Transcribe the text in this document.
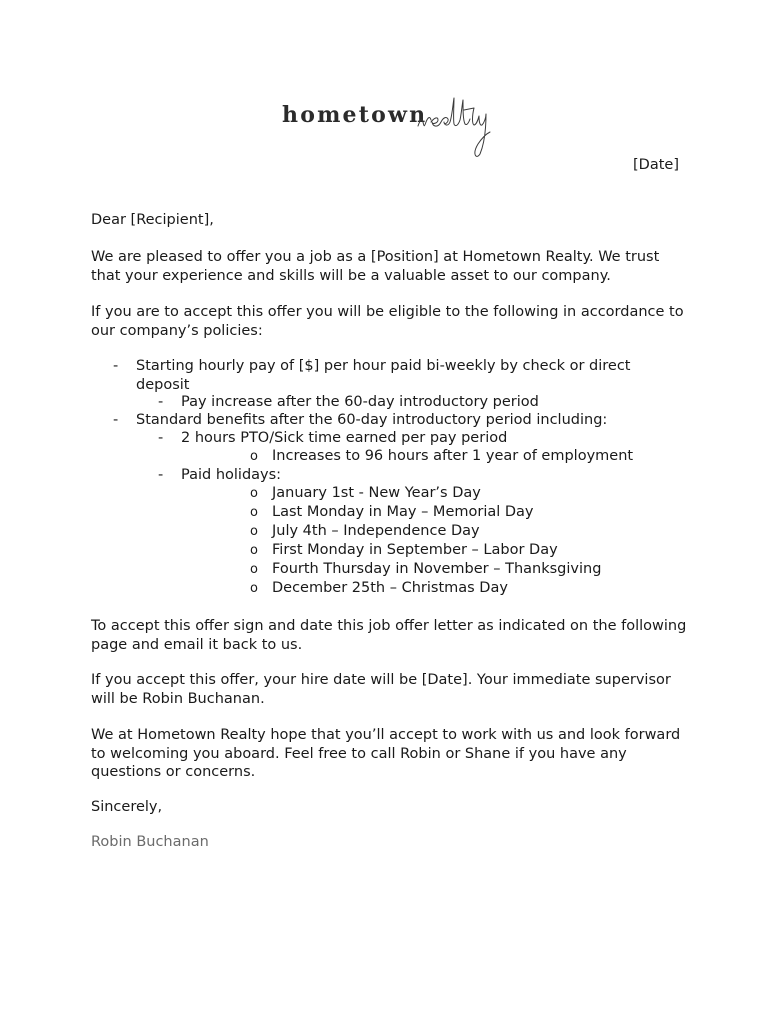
hometown
[Date]
Dear [Recipient],
We are pleased to offer you a job as a [Position] at Hometown Realty. We trust that your experience and skills will be a valuable asset to our company.
If you are to accept this offer you will be eligible to the following in accordance to our company’s policies:
- Starting hourly pay of [$] per hour paid bi-weekly by check or direct deposit
- Pay increase after the 60-day introductory period
- Standard benefits after the 60-day introductory period including:
- 2 hours PTO/Sick time earned per pay period
o Increases to 96 hours after 1 year of employment
- Paid holidays:
o January 1st - New Year’s Day
o Last Monday in May – Memorial Day
o July 4th – Independence Day
o First Monday in September – Labor Day
o Fourth Thursday in November – Thanksgiving
o December 25th – Christmas Day
To accept this offer sign and date this job offer letter as indicated on the following page and email it back to us.
If you accept this offer, your hire date will be [Date]. Your immediate supervisor will be Robin Buchanan.
We at Hometown Realty hope that you’ll accept to work with us and look forward to welcoming you aboard. Feel free to call Robin or Shane if you have any questions or concerns.
Sincerely,
Robin Buchanan
